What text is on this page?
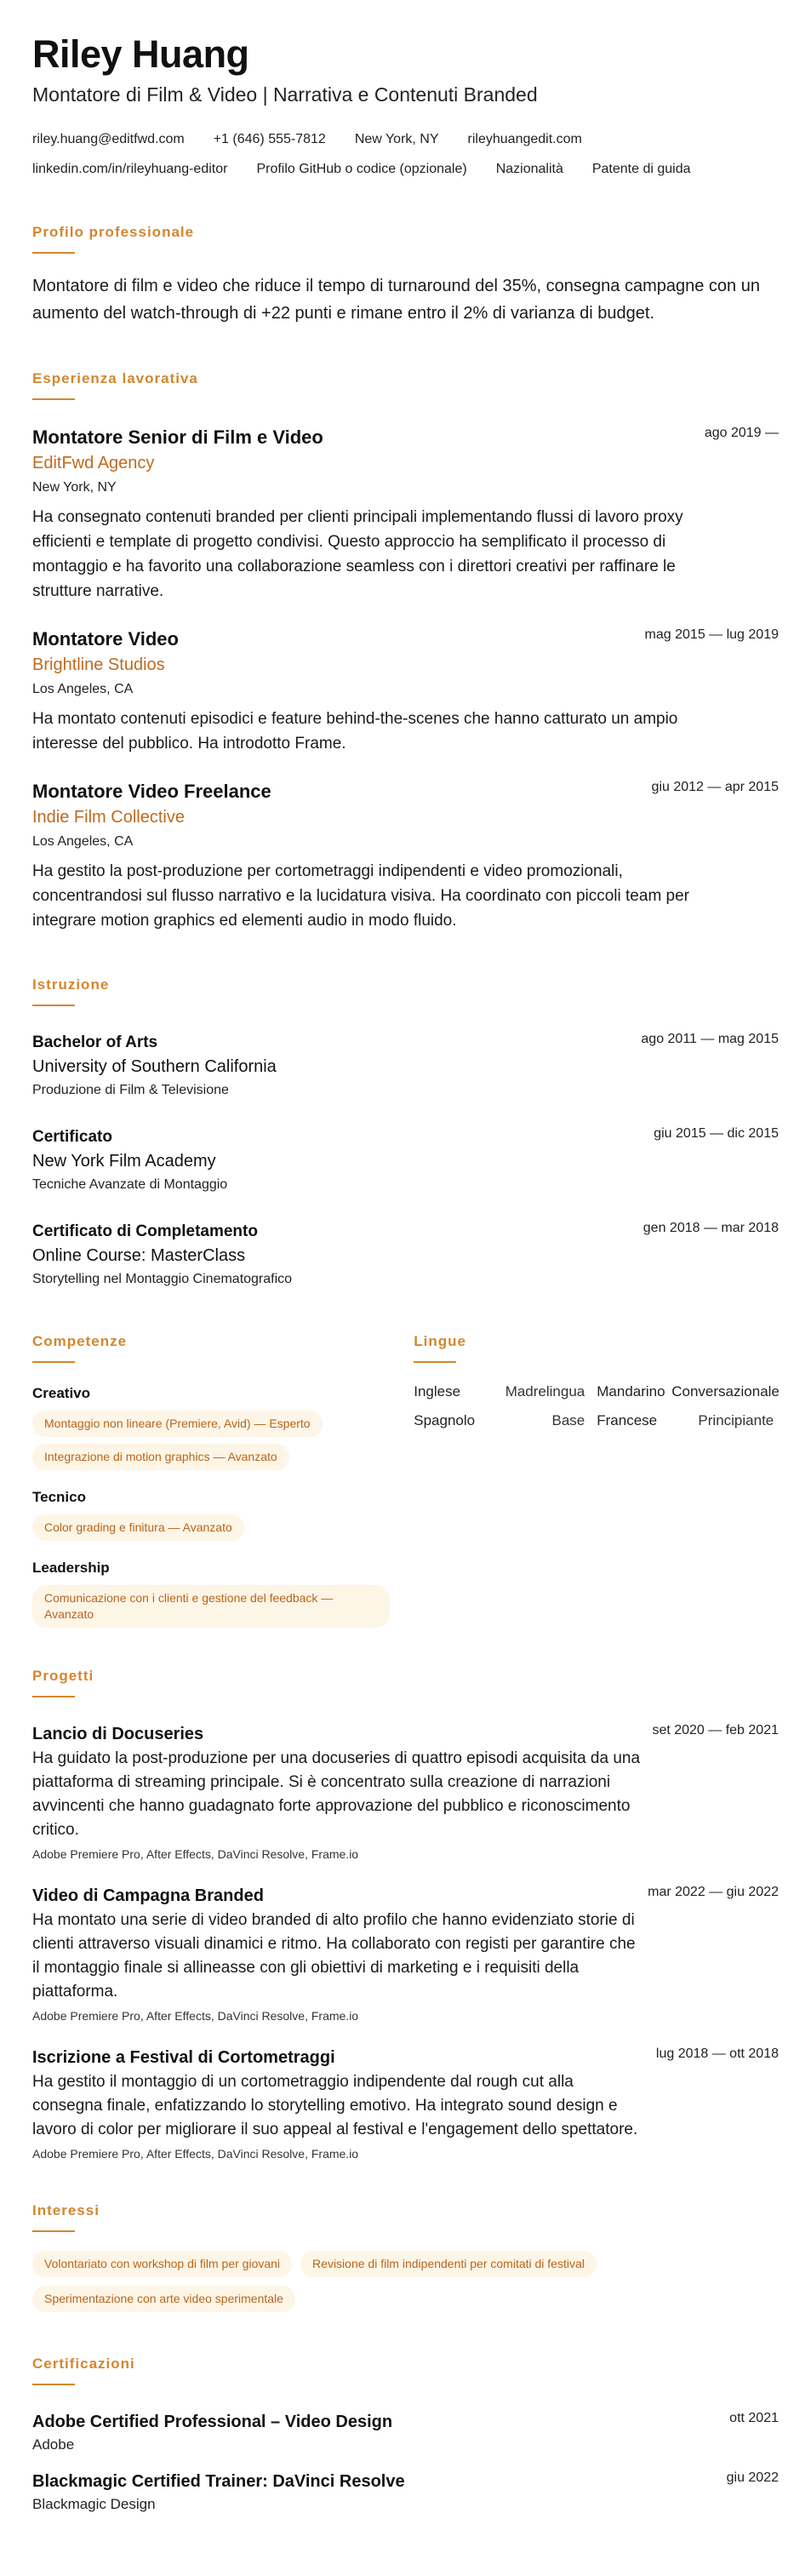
Riley Huang
Montatore di Film & Video | Narrativa e Contenuti Branded
riley.huang@editfwd.com +1 (646) 555-7812 New York, NY rileyhuangedit.com
linkedin.com/in/rileyhuang-editor Profilo GitHub o codice (opzionale) Nazionalità Patente di guida
Profilo professionale

Montatore di film e video che riduce il tempo di turnaround del 35%, consegna campagne con un aumento del watch-through di +22 punti e rimane entro il 2% di varianza di budget.

Esperienza lavorativa
ago 2019 —
Montatore Senior di Film e Video
EditFwd Agency
New York, NY

Ha consegnato contenuti branded per clienti principali implementando flussi di lavoro proxy efficienti e template di progetto condivisi. Questo approccio ha semplificato il processo di montaggio e ha favorito una collaborazione seamless con i direttori creativi per raffinare le strutture narrative.

mag 2015 — lug 2019
Montatore Video
Brightline Studios
Los Angeles, CA

Ha montato contenuti episodici e feature behind-the-scenes che hanno catturato un ampio interesse del pubblico. Ha introdotto Frame.

giu 2012 — apr 2015
Montatore Video Freelance
Indie Film Collective
Los Angeles, CA

Ha gestito la post-produzione per cortometraggi indipendenti e video promozionali, concentrandosi sul flusso narrativo e la lucidatura visiva. Ha coordinato con piccoli team per integrare motion graphics ed elementi audio in modo fluido.

Istruzione
ago 2011 — mag 2015
Bachelor of Arts
University of Southern California
Produzione di Film & Televisione
giu 2015 — dic 2015
Certificato
New York Film Academy
Tecniche Avanzate di Montaggio
gen 2018 — mar 2018
Certificato di Completamento
Online Course: MasterClass
Storytelling nel Montaggio Cinematografico
Competenze
Creativo
Montaggio non lineare (Premiere, Avid) — Esperto
Integrazione di motion graphics — Avanzato
Tecnico
Color grading e finitura — Avanzato
Leadership
Comunicazione con i clienti e gestione del feedback — Avanzato
Lingue
Inglese	Madrelingua Mandarino Conversazionale
Spagnolo	Base Francese	Principiante
Progetti
set 2020 — feb 2021
Lancio di Docuseries

Ha guidato la post-produzione per una docuseries di quattro episodi acquisita da una piattaforma di streaming principale. Si è concentrato sulla creazione di narrazioni avvincenti che hanno guadagnato forte approvazione del pubblico e riconoscimento critico.

Adobe Premiere Pro, After Effects, DaVinci Resolve, Frame.io
mar 2022 — giu 2022
Video di Campagna Branded

Ha montato una serie di video branded di alto profilo che hanno evidenziato storie di clienti attraverso visuali dinamici e ritmo. Ha collaborato con registi per garantire che il montaggio finale si allineasse con gli obiettivi di marketing e i requisiti della piattaforma.

Adobe Premiere Pro, After Effects, DaVinci Resolve, Frame.io
lug 2018 — ott 2018
Iscrizione a Festival di Cortometraggi

Ha gestito il montaggio di un cortometraggio indipendente dal rough cut alla consegna finale, enfatizzando lo storytelling emotivo. Ha integrato sound design e lavoro di color per migliorare il suo appeal al festival e l'engagement dello spettatore.

Adobe Premiere Pro, After Effects, DaVinci Resolve, Frame.io
Interessi
Volontariato con workshop di film per giovani	Revisione di film indipendenti per comitati di festival
Sperimentazione con arte video sperimentale
Certificazioni
ott 2021
Adobe Certified Professional – Video Design
Adobe
giu 2022
Blackmagic Certified Trainer: DaVinci Resolve
Blackmagic Design
